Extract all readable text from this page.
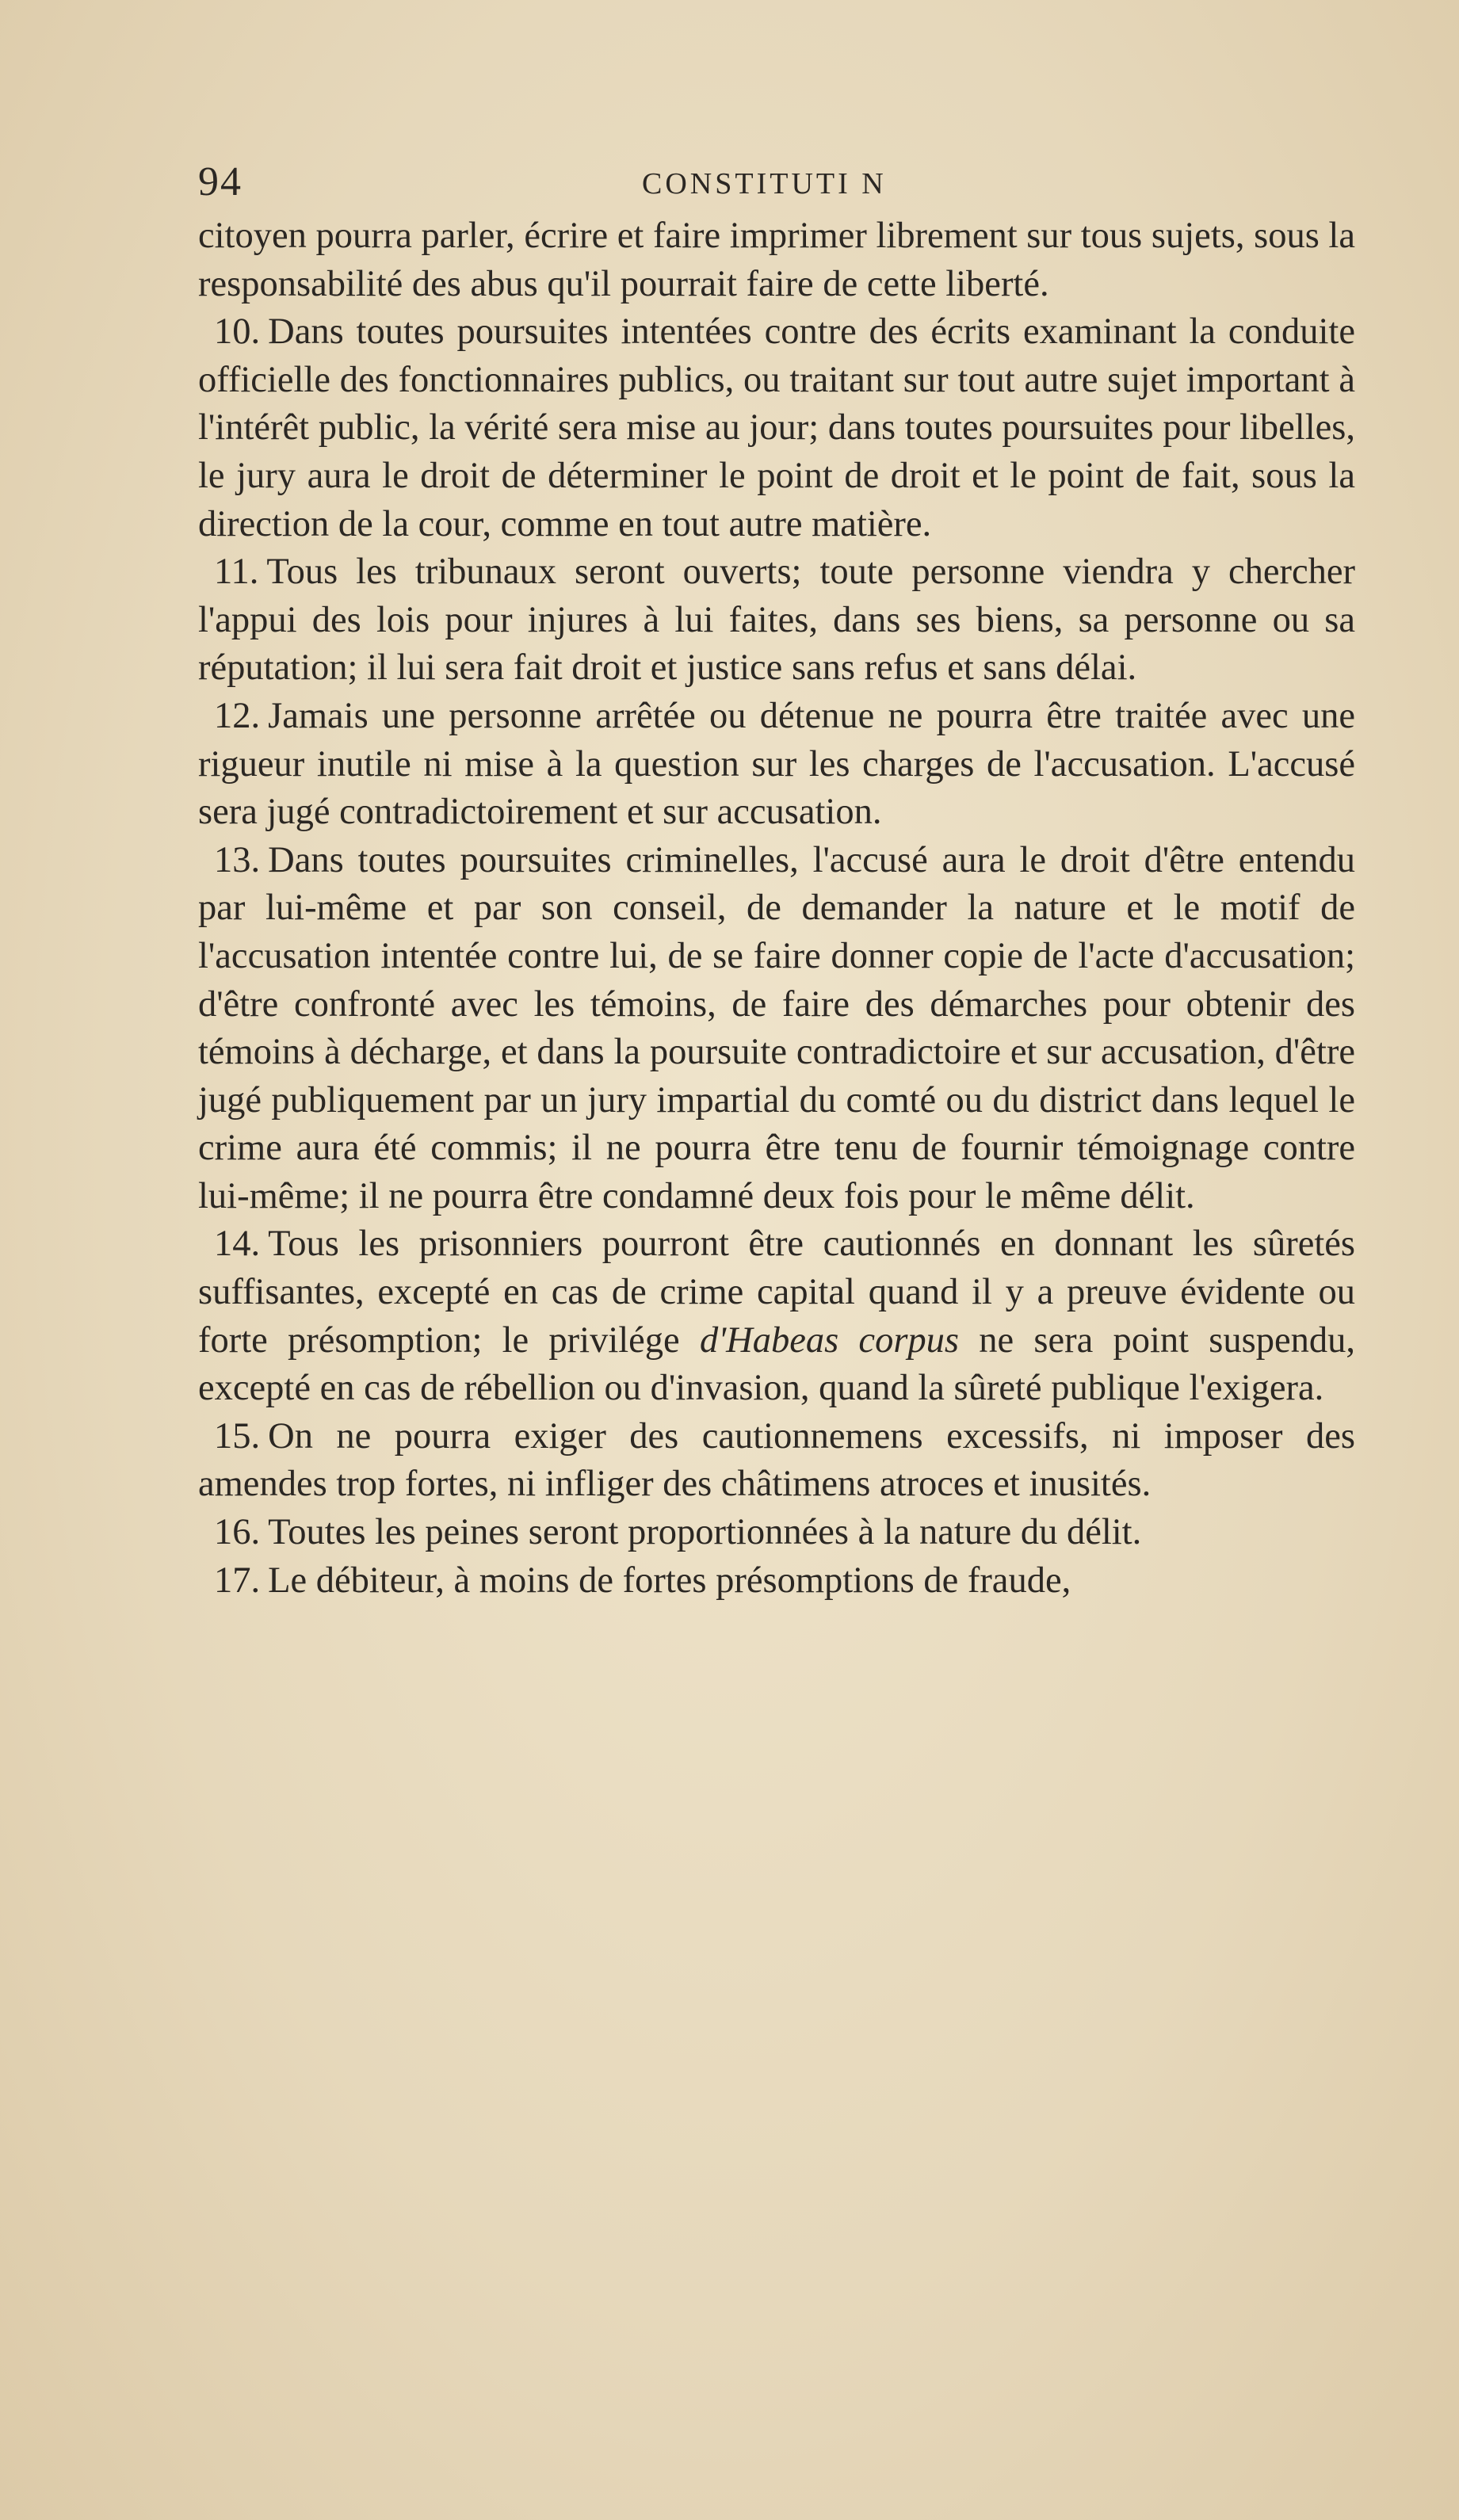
94	CONSTITUTI N

citoyen pourra parler, écrire et faire imprimer librement sur tous sujets, sous la responsabilité des abus qu'il pourrait faire de cette liberté.

10. Dans toutes poursuites intentées contre des écrits examinant la conduite officielle des fonctionnaires publics, ou traitant sur tout autre sujet important à l'intérêt public, la vérité sera mise au jour; dans toutes poursuites pour libelles, le jury aura le droit de déterminer le point de droit et le point de fait, sous la direction de la cour, comme en tout autre matière.

11. Tous les tribunaux seront ouverts; toute personne viendra y chercher l'appui des lois pour injures à lui faites, dans ses biens, sa personne ou sa réputation; il lui sera fait droit et justice sans refus et sans délai.

12. Jamais une personne arrêtée ou détenue ne pourra être traitée avec une rigueur inutile ni mise à la question sur les charges de l'accusation. L'accusé sera jugé contradictoirement et sur accusation.

13. Dans toutes poursuites criminelles, l'accusé aura le droit d'être entendu par lui-même et par son conseil, de demander la nature et le motif de l'accusation intentée contre lui, de se faire donner copie de l'acte d'accusation; d'être confronté avec les témoins, de faire des démarches pour obtenir des témoins à décharge, et dans la poursuite contradictoire et sur accusation, d'être jugé publiquement par un jury impartial du comté ou du district dans lequel le crime aura été commis; il ne pourra être tenu de fournir témoignage contre lui-même; il ne pourra être condamné deux fois pour le même délit.

14. Tous les prisonniers pourront être cautionnés en donnant les sûretés suffisantes, excepté en cas de crime capital quand il y a preuve évidente ou forte présomption; le privilége d'Habeas corpus ne sera point suspendu, excepté en cas de rébellion ou d'invasion, quand la sûreté publique l'exigera.

15. On ne pourra exiger des cautionnemens excessifs, ni imposer des amendes trop fortes, ni infliger des châtimens atroces et inusités.

16. Toutes les peines seront proportionnées à la nature du délit.

17. Le débiteur, à moins de fortes présomptions de fraude,
